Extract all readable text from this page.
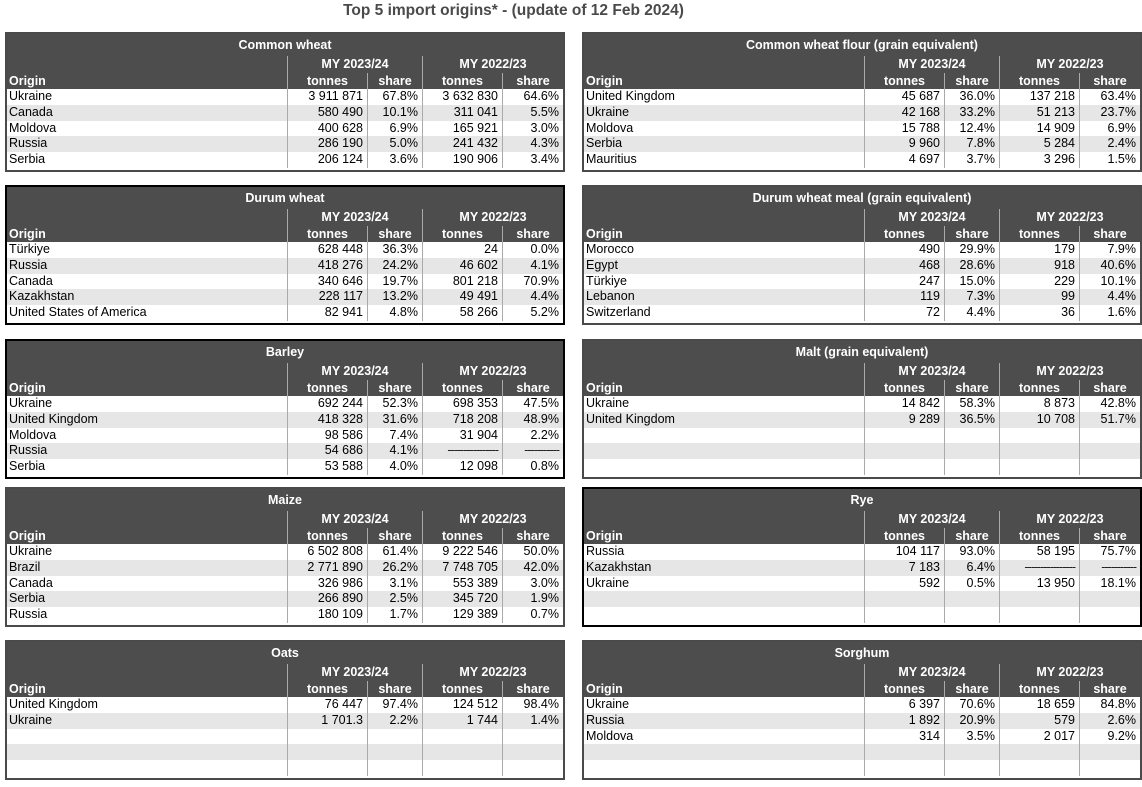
Top 5 import origins* - (update of 12 Feb 2024)
Common wheat
MY 2023/24	MY 2022/23
Origin	tonnes	share	tonnes	share
Ukraine	3 911 871	67.8%	3 632 830	64.6%
Canada	580 490	10.1%	311 041	5.5%
Moldova	400 628	6.9%	165 921	3.0%
Russia	286 190	5.0%	241 432	4.3%
Serbia	206 124	3.6%	190 906	3.4%
Common wheat flour (grain equivalent)
MY 2023/24	MY 2022/23
Origin	tonnes	share	tonnes	share
United Kingdom	45 687	36.0%	137 218	63.4%
Ukraine	42 168	33.2%	51 213	23.7%
Moldova	15 788	12.4%	14 909	6.9%
Serbia	9 960	7.8%	5 284	2.4%
Mauritius	4 697	3.7%	3 296	1.5%
Durum wheat
MY 2023/24	MY 2022/23
Origin	tonnes	share	tonnes	share
Türkiye	628 448	36.3%	24	0.0%
Russia	418 276	24.2%	46 602	4.1%
Canada	340 646	19.7%	801 218	70.9%
Kazakhstan	228 117	13.2%	49 491	4.4%
United States of America	82 941	4.8%	58 266	5.2%
Durum wheat meal (grain equivalent)
MY 2023/24	MY 2022/23
Origin	tonnes	share	tonnes	share
Morocco	490	29.9%	179	7.9%
Egypt	468	28.6%	918	40.6%
Türkiye	247	15.0%	229	10.1%
Lebanon	119	7.3%	99	4.4%
Switzerland	72	4.4%	36	1.6%
Barley
MY 2023/24	MY 2022/23
Origin	tonnes	share	tonnes	share
Ukraine	692 244	52.3%	698 353	47.5%
United Kingdom	418 328	31.6%	718 208	48.9%
Moldova	98 586	7.4%	31 904	2.2%
Russia	54 686	4.1%	----------------	-----------
Serbia	53 588	4.0%	12 098	0.8%
Malt (grain equivalent)
MY 2023/24	MY 2022/23
Origin	tonnes	share	tonnes	share
Ukraine	14 842	58.3%	8 873	42.8%
United Kingdom	9 289	36.5%	10 708	51.7%
Maize
MY 2023/24	MY 2022/23
Origin	tonnes	share	tonnes	share
Ukraine	6 502 808	61.4%	9 222 546	50.0%
Brazil	2 771 890	26.2%	7 748 705	42.0%
Canada	326 986	3.1%	553 389	3.0%
Serbia	266 890	2.5%	345 720	1.9%
Russia	180 109	1.7%	129 389	0.7%
Rye
MY 2023/24	MY 2022/23
Origin	tonnes	share	tonnes	share
Russia	104 117	93.0%	58 195	75.7%
Kazakhstan	7 183	6.4%	----------------	-----------
Ukraine	592	0.5%	13 950	18.1%
Oats
MY 2023/24	MY 2022/23
Origin	tonnes	share	tonnes	share
United Kingdom	76 447	97.4%	124 512	98.4%
Ukraine	1 701.3	2.2%	1 744	1.4%
Sorghum
MY 2023/24	MY 2022/23
Origin	tonnes	share	tonnes	share
Ukraine	6 397	70.6%	18 659	84.8%
Russia	1 892	20.9%	579	2.6%
Moldova	314	3.5%	2 017	9.2%
